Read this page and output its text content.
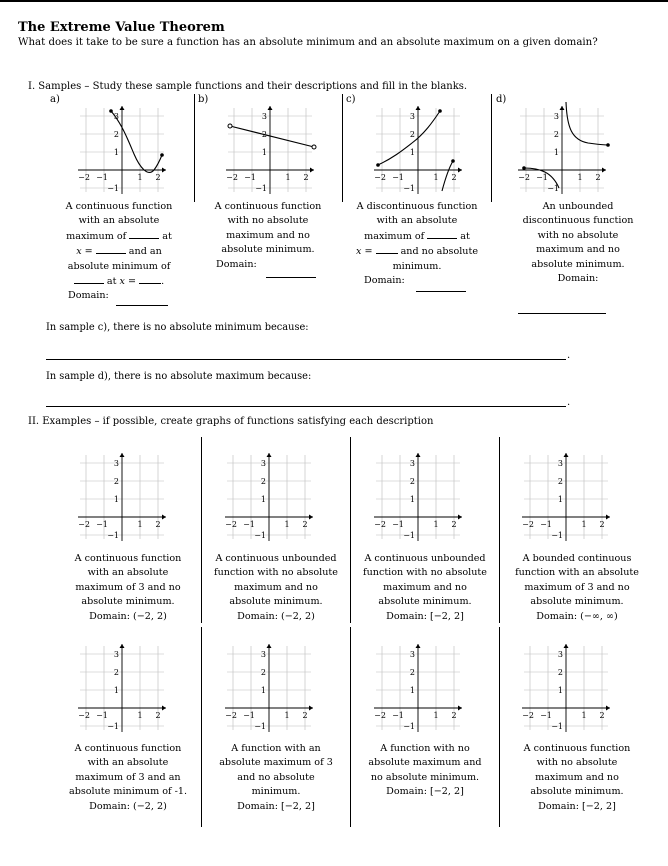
The Extreme Value Theorem
What does it take to be sure a function has an absolute minimum and an absolute maximum on a given domain?
I. Samples – Study these sample functions and their descriptions and fill in the blanks.
a)	b)	c)	d)
−2 −1	1 2
3
2
1
−1
−2 −1	1 2
3
2
1
−1
−2 −1	1 2
3
2
1
−1
−2 −1	1 2
3
2
1
−1
A continuous function
with an absolute
maximum of	at
x =	and an
absolute minimum of
at x = .
Domain:
A continuous function
with no absolute
maximum and no
absolute minimum.
Domain:
A discontinuous function
with an absolute
maximum of	at
x =  and no absolute
minimum.
Domain:
An unbounded
discontinuous function
with no absolute
maximum and no
absolute minimum.
Domain:
In sample c), there is no absolute minimum because:
.
In sample d), there is no absolute maximum because:
.
II. Examples – if possible, create graphs of functions satisfying each description
−2 −1	1 2
3
2
1
−1
−2 −1	1 2
3
2
1
−1
−2 −1	1 2
3
2
1
−1
−2 −1	1 2
3
2
1
−1
A continuous function
with an absolute
maximum of 3 and no
absolute minimum.
Domain: (−2, 2)
A continuous unbounded
function with no absolute
maximum and no
absolute minimum.
Domain: (−2, 2)
A continuous unbounded
function with no absolute
maximum and no
absolute minimum.
Domain: [−2, 2]
A bounded continuous
function with an absolute
maximum of 3 and no
absolute minimum.
Domain: (−∞, ∞)
−2 −1	1 2
3
2
1
−1
−2 −1	1 2
3
2
1
−1
−2 −1	1 2
3
2
1
−1
−2 −1	1 2
3
2
1
−1
A continuous function
with an absolute
maximum of 3 and an
absolute minimum of -1.
Domain: (−2, 2)
A function with an
absolute maximum of 3
and no absolute
minimum.
Domain: [−2, 2]
A function with no
absolute maximum and
no absolute minimum.
Domain: [−2, 2]
A continuous function
with no absolute
maximum and no
absolute minimum.
Domain: [−2, 2]
